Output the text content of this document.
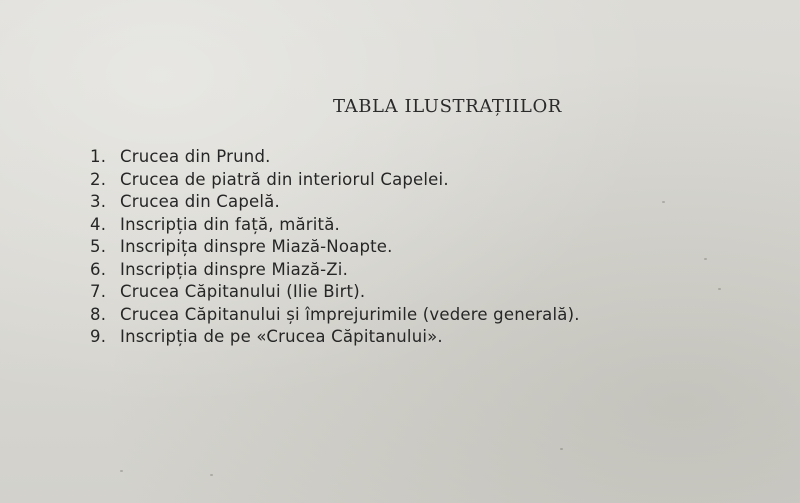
TABLA ILUSTRAȚIILOR
1. Crucea din Prund.
2. Crucea de piatră din interiorul Capelei.
3. Crucea din Capelă.
4. Inscripția din față, mărită.
5. Inscripița dinspre Miază-Noapte.
6. Inscripția dinspre Miază-Zi.
7. Crucea Căpitanului (Ilie Birt).
8. Crucea Căpitanului și împrejurimile (vedere generală).
9. Inscripția de pe «Crucea Căpitanului».
